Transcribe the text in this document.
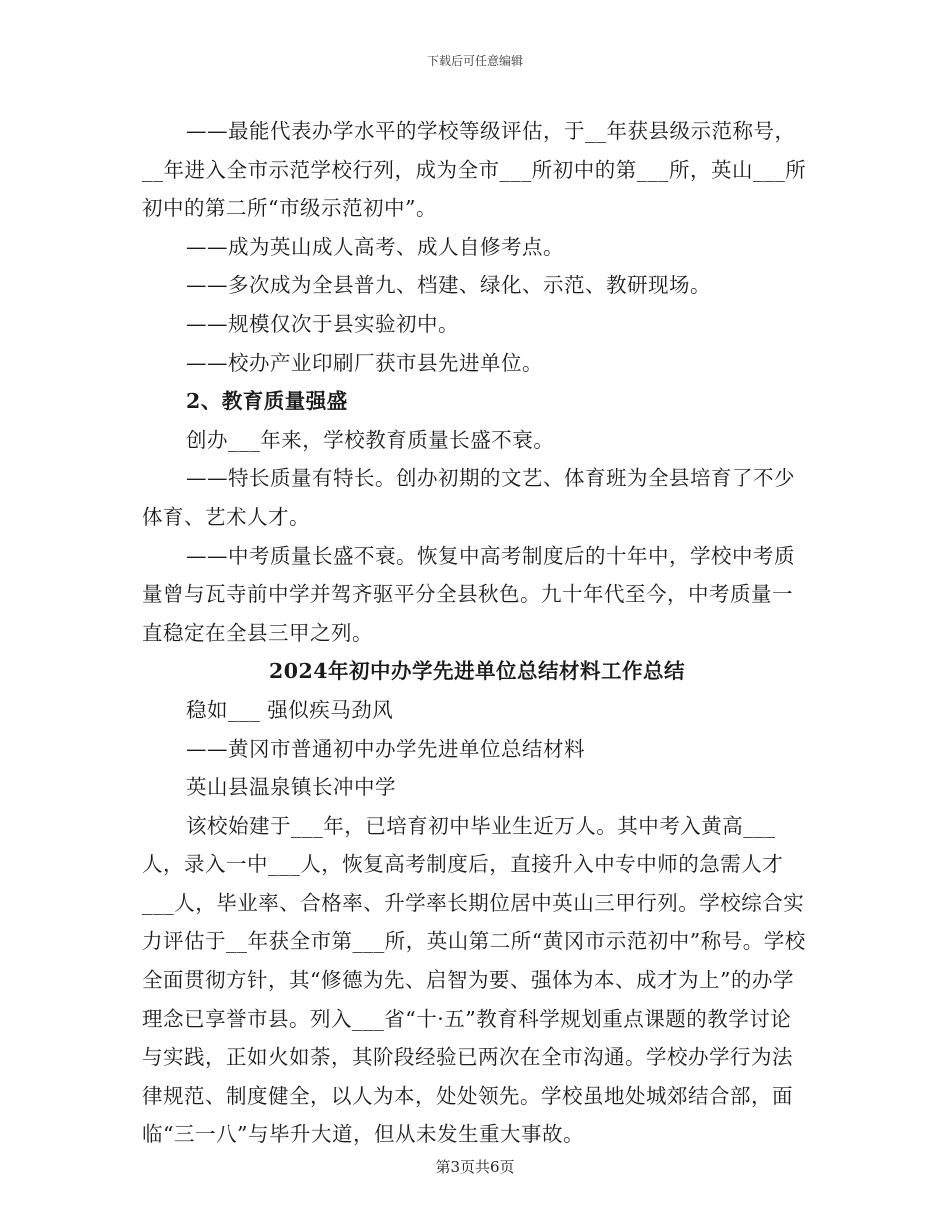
下载后可任意编辑

——最能代表办学水平的学校等级评估，于__年获县级示范称号，__年进入全市示范学校行列，成为全市___所初中的第___所，英山___所初中的第二所“市级示范初中”。

——成为英山成人高考、成人自修考点。

——多次成为全县普九、档建、绿化、示范、教研现场。

——规模仅次于县实验初中。

——校办产业印刷厂获市县先进单位。

2、教育质量强盛

创办___年来，学校教育质量长盛不衰。

——特长质量有特长。创办初期的文艺、体育班为全县培育了不少体育、艺术人才。

——中考质量长盛不衰。恢复中高考制度后的十年中，学校中考质量曾与瓦寺前中学并驾齐驱平分全县秋色。九十年代至今，中考质量一直稳定在全县三甲之列。

2024年初中办学先进单位总结材料工作总结

稳如___ 强似疾马劲风

——黄冈市普通初中办学先进单位总结材料

英山县温泉镇长冲中学

该校始建于___年，已培育初中毕业生近万人。其中考入黄高___人，录入一中___人，恢复高考制度后，直接升入中专中师的急需人才___人，毕业率、合格率、升学率长期位居中英山三甲行列。学校综合实力评估于__年获全市第___所，英山第二所“黄冈市示范初中”称号。学校全面贯彻方针，其“修德为先、启智为要、强体为本、成才为上”的办学理念已享誉市县。列入___省“十·五”教育科学规划重点课题的教学讨论与实践，正如火如荼，其阶段经验已两次在全市沟通。学校办学行为法律规范、制度健全，以人为本，处处领先。学校虽地处城郊结合部，面临“三一八”与毕升大道，但从未发生重大事故。

第3页共6页
